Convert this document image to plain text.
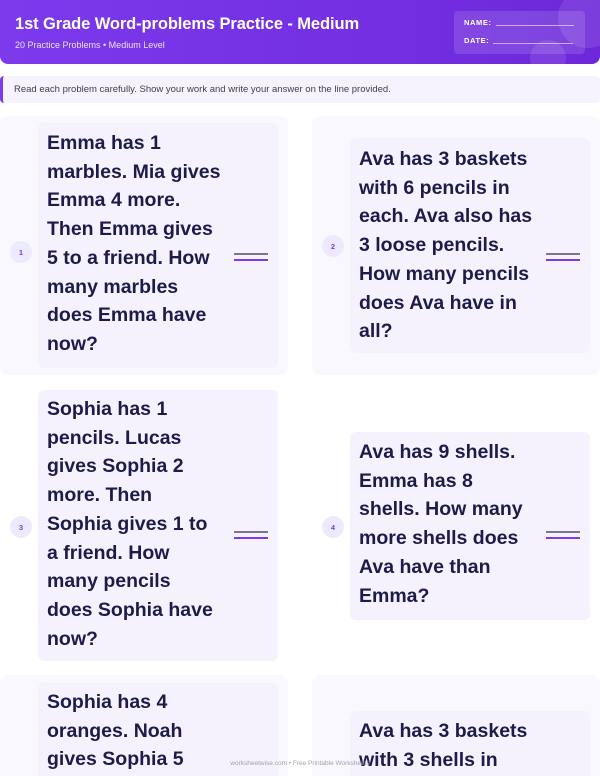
1st Grade Word-problems Practice - Medium
20 Practice Problems • Medium Level
NAME:
DATE:
Read each problem carefully. Show your work and write your answer on the line provided.
1
Emma has 1
marbles. Mia gives
Emma 4 more.
Then Emma gives
5 to a friend. How
many marbles
does Emma have
now?
2
Ava has 3 baskets
with 6 pencils in
each. Ava also has
3 loose pencils.
How many pencils
does Ava have in
all?
3
Sophia has 1
pencils. Lucas
gives Sophia 2
more. Then
Sophia gives 1 to
a friend. How
many pencils
does Sophia have
now?
4
Ava has 9 shells.
Emma has 8
shells. How many
more shells does
Ava have than
Emma?
Sophia has 4
oranges. Noah
gives Sophia 5
Ava has 3 baskets
with 3 shells in
worksheetwise.com • Free Printable Worksheets
